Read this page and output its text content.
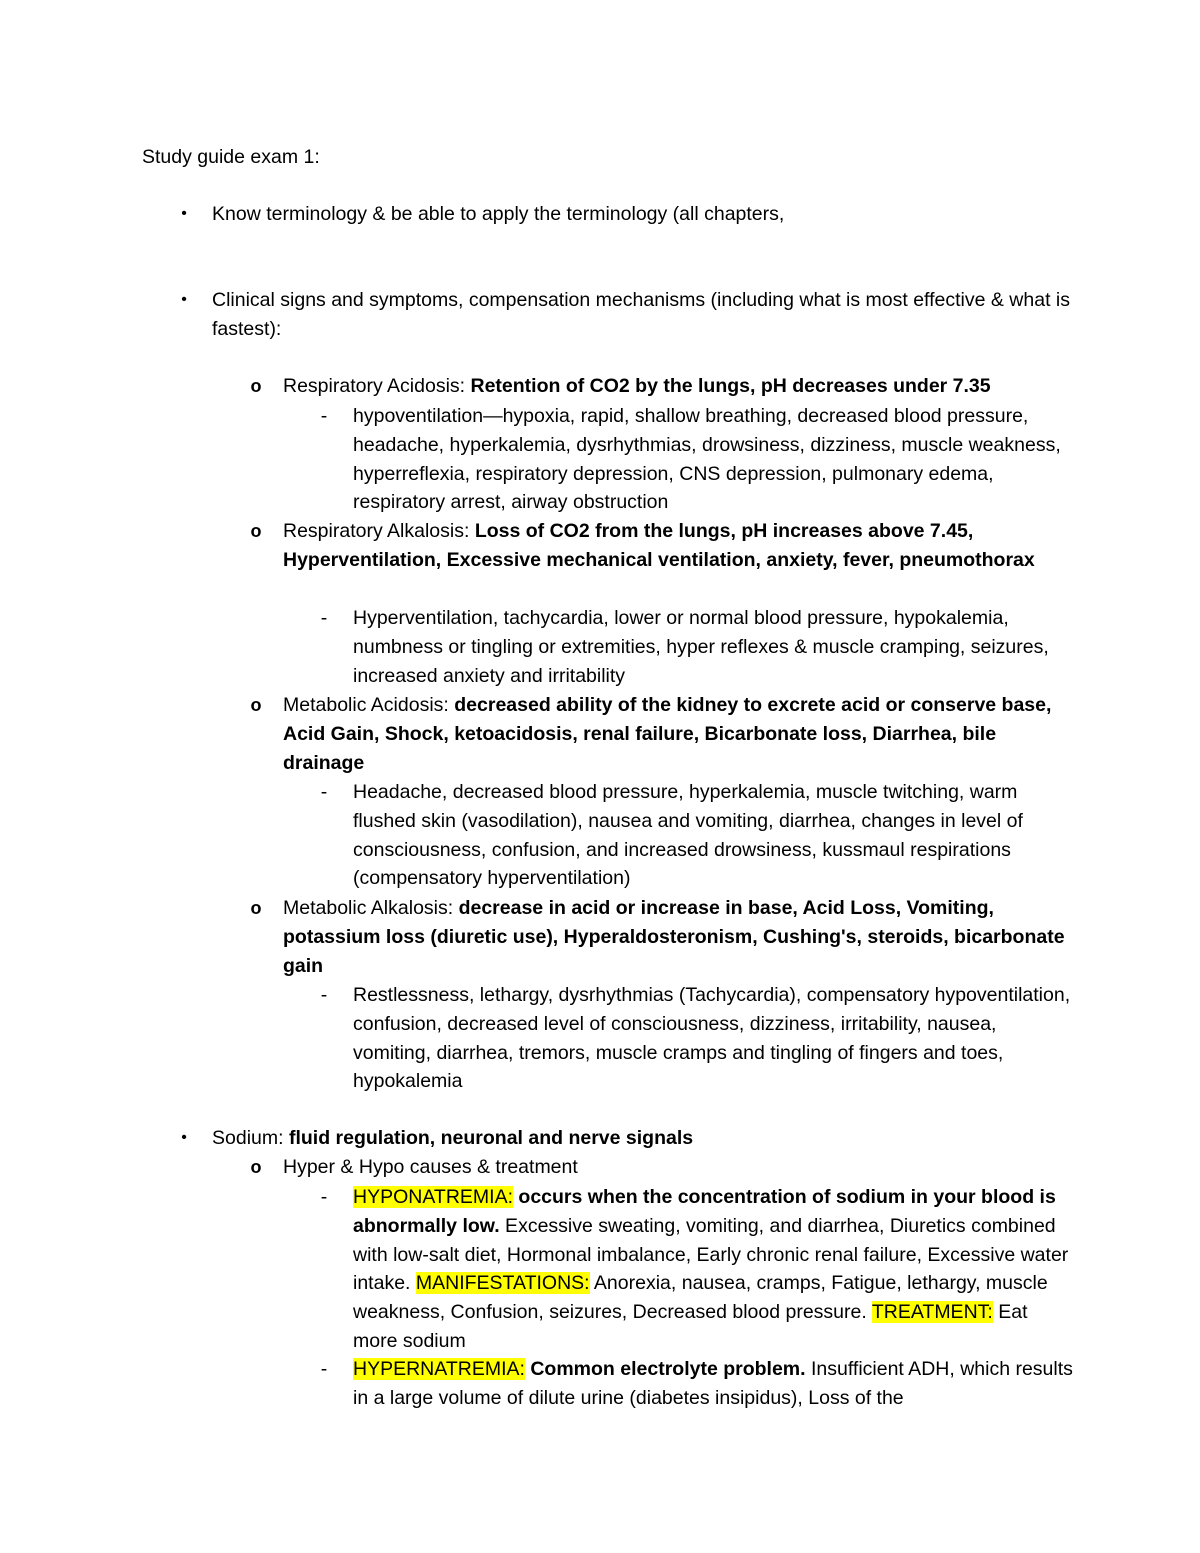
Study guide exam 1:
•	Know terminology & be able to apply the terminology (all chapters,
•	Clinical signs and symptoms, compensation mechanisms (including what is most effective & what is fastest):
o Respiratory Acidosis: Retention of CO2 by the lungs, pH decreases under 7.35
-	hypoventilation—hypoxia, rapid, shallow breathing, decreased blood pressure, headache, hyperkalemia, dysrhythmias, drowsiness, dizziness, muscle weakness, hyperreflexia, respiratory depression, CNS depression, pulmonary edema, respiratory arrest, airway obstruction
o Respiratory Alkalosis: Loss of CO2 from the lungs, pH increases above 7.45, Hyperventilation, Excessive mechanical ventilation, anxiety, fever, pneumothorax
-	Hyperventilation, tachycardia, lower or normal blood pressure, hypokalemia, numbness or tingling or extremities, hyper reflexes & muscle cramping, seizures, increased anxiety and irritability
o Metabolic Acidosis: decreased ability of the kidney to excrete acid or conserve base, Acid Gain, Shock, ketoacidosis, renal failure, Bicarbonate loss, Diarrhea, bile drainage
-	Headache, decreased blood pressure, hyperkalemia, muscle twitching, warm flushed skin (vasodilation), nausea and vomiting, diarrhea, changes in level of consciousness, confusion, and increased drowsiness, kussmaul respirations (compensatory hyperventilation)
o Metabolic Alkalosis: decrease in acid or increase in base, Acid Loss, Vomiting, potassium loss (diuretic use), Hyperaldosteronism, Cushing's, steroids, bicarbonate gain
-	Restlessness, lethargy, dysrhythmias (Tachycardia), compensatory hypoventilation, confusion, decreased level of consciousness, dizziness, irritability, nausea, vomiting, diarrhea, tremors, muscle cramps and tingling of fingers and toes, hypokalemia
•	Sodium: fluid regulation, neuronal and nerve signals
o Hyper & Hypo causes & treatment
-	HYPONATREMIA: occurs when the concentration of sodium in your blood is abnormally low. Excessive sweating, vomiting, and diarrhea, Diuretics combined with low-salt diet, Hormonal imbalance, Early chronic renal failure, Excessive water intake. MANIFESTATIONS: Anorexia, nausea, cramps, Fatigue, lethargy, muscle weakness, Confusion, seizures, Decreased blood pressure. TREATMENT: Eat more sodium
-	HYPERNATREMIA: Common electrolyte problem. Insufficient ADH, which results in a large volume of dilute urine (diabetes insipidus), Loss of the
